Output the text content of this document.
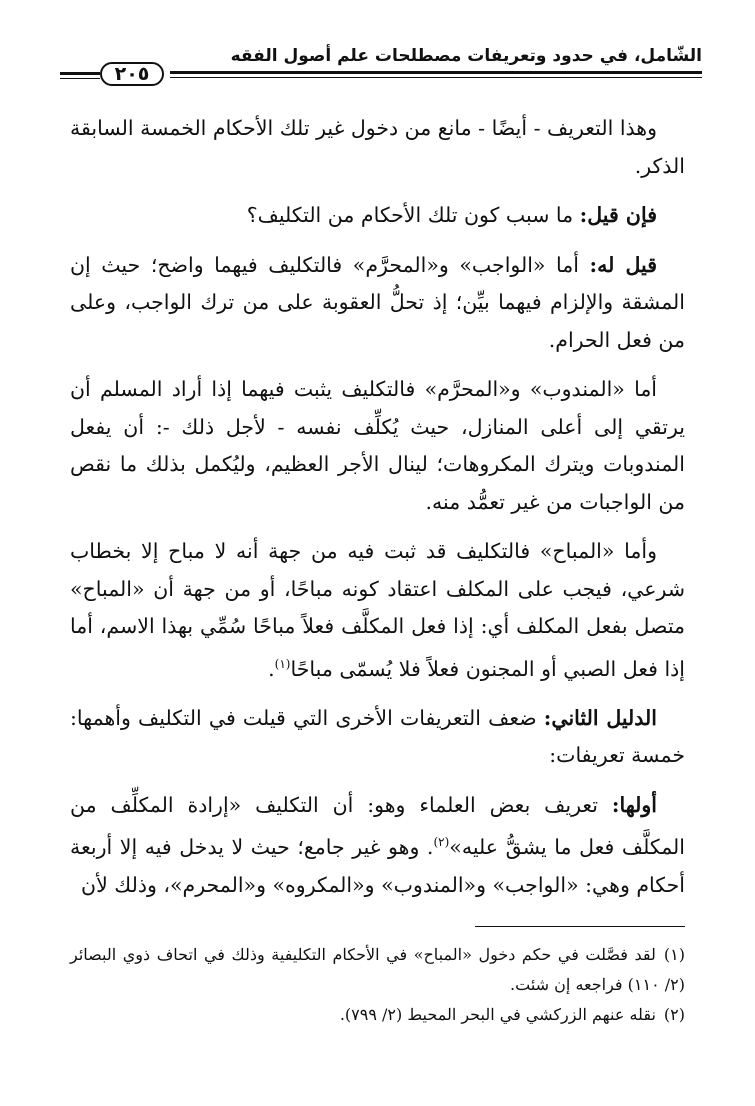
الشّامل، في حدود وتعريفات مصطلحات علم أصول الفقه
٢٠٥

وهذا التعريف - أيضًا - مانع من دخول غير تلك الأحكام الخمسة السابقة الذكر.

فإن قيل: ما سبب كون تلك الأحكام من التكليف؟

قيل له: أما «الواجب» و«المحرَّم» فالتكليف فيهما واضح؛ حيث إن المشقة والإلزام فيهما بيِّن؛ إذ تحلُّ العقوبة على من ترك الواجب، وعلى من فعل الحرام.

أما «المندوب» و«المحرَّم» فالتكليف يثبت فيهما إذا أراد المسلم أن يرتقي إلى أعلى المنازل، حيث يُكلِّف نفسه - لأجل ذلك -: أن يفعل المندوبات ويترك المكروهات؛ لينال الأجر العظيم، وليُكمل بذلك ما نقص من الواجبات من غير تعمُّد منه.

وأما «المباح» فالتكليف قد ثبت فيه من جهة أنه لا مباح إلا بخطاب شرعي، فيجب على المكلف اعتقاد كونه مباحًا، أو من جهة أن «المباح» متصل بفعل المكلف أي: إذا فعل المكلَّف فعلاً مباحًا سُمِّي بهذا الاسم، أما إذا فعل الصبي أو المجنون فعلاً فلا يُسمّى مباحًا$^{(١)}$.

الدليل الثاني: ضعف التعريفات الأخرى التي قيلت في التكليف وأهمها: خمسة تعريفات:

أولها: تعريف بعض العلماء وهو: أن التكليف «إرادة المكلِّف من المكلَّف فعل ما يشقُّ عليه»$^{(٢)}$. وهو غير جامع؛ حيث لا يدخل فيه إلا أربعة أحكام وهي: «الواجب» و«المندوب» و«المكروه» و«المحرم»، وذلك لأن

(١)لقد فصَّلت في حكم دخول «المباح» في الأحكام التكليفية وذلك في اتحاف ذوي البصائر (٢/ ١١٠) فراجعه إن شئت.

(٢)نقله عنهم الزركشي في البحر المحيط (٢/ ٧٩٩).
